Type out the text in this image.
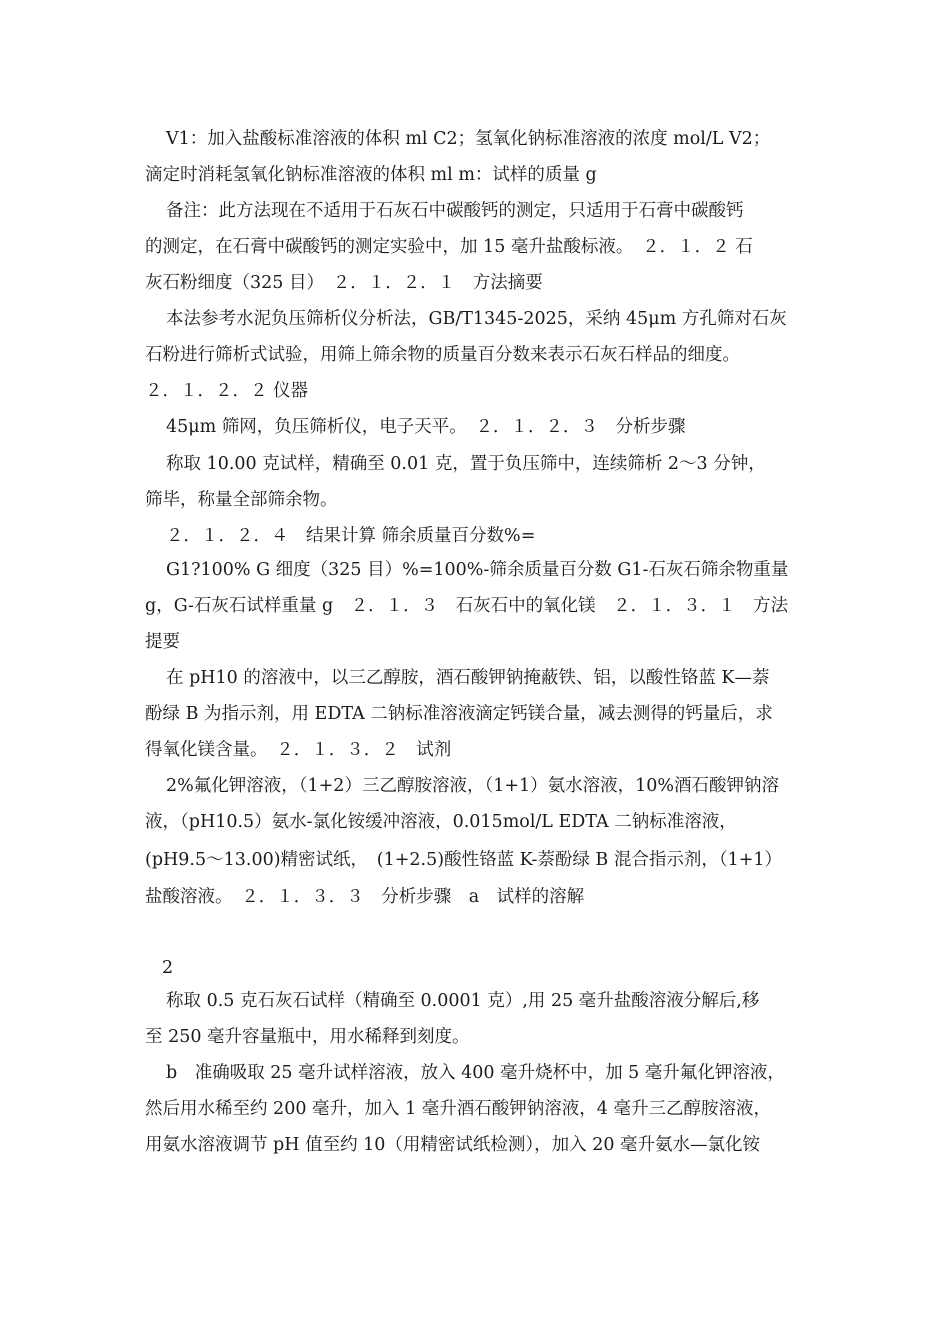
V1：加入盐酸标准溶液的体积 ml C2；氢氧化钠标准溶液的浓度 mol/L V2；
滴定时消耗氢氧化钠标准溶液的体积 ml m：试样的质量 g
备注：此方法现在不适用于石灰石中碳酸钙的测定，只适用于石膏中碳酸钙
的测定，在石膏中碳酸钙的测定实验中，加 15 毫升盐酸标液。　２．１．２ 石
灰石粉细度（325 目）　２．１．２．１　方法摘要
本法参考水泥负压筛析仪分析法，GB/T1345-2025，采纳 45μm 方孔筛对石灰
石粉进行筛析式试验，用筛上筛余物的质量百分数来表示石灰石样品的细度。
２．１．２．２ 仪器
45μm 筛网，负压筛析仪，电子天平。　２．１．２．３　分析步骤
称取 10.00 克试样，精确至 0.01 克，置于负压筛中，连续筛析 2～3 分钟，
筛毕，称量全部筛余物。
２．１．２．４　结果计算 筛余质量百分数%=
G1?100% G 细度（325 目）%=100%-筛余质量百分数 G1-石灰石筛余物重量
g，G-石灰石试样重量 g　２．１．３　石灰石中的氧化镁　２．１．３．１　方法
提要
在 pH10 的溶液中，以三乙醇胺，酒石酸钾钠掩蔽铁、铝，以酸性铬蓝 K—萘
酚绿 B 为指示剂，用 EDTA 二钠标准溶液滴定钙镁合量，减去测得的钙量后，求
得氧化镁含量。　２．１．３．２　试剂
2%氟化钾溶液，（1+2）三乙醇胺溶液，（1+1）氨水溶液，10%酒石酸钾钠溶
液，（pH10.5）氨水-氯化铵缓冲溶液，0.015mol/L EDTA 二钠标准溶液，
(pH9.5～13.00)精密试纸，　(1+2.5)酸性铬蓝 K-萘酚绿 B 混合指示剂，（1+1）
盐酸溶液。　２．１．３．３　分析步骤　a　试样的溶解
2
称取 0.5 克石灰石试样（精确至 0.0001 克）,用 25 毫升盐酸溶液分解后,移
至 250 毫升容量瓶中，用水稀释到刻度。
b　准确吸取 25 毫升试样溶液，放入 400 毫升烧杯中，加 5 毫升氟化钾溶液，
然后用水稀至约 200 毫升，加入 1 毫升酒石酸钾钠溶液，4 毫升三乙醇胺溶液，
用氨水溶液调节 pH 值至约 10（用精密试纸检测），加入 20 毫升氨水—氯化铵
